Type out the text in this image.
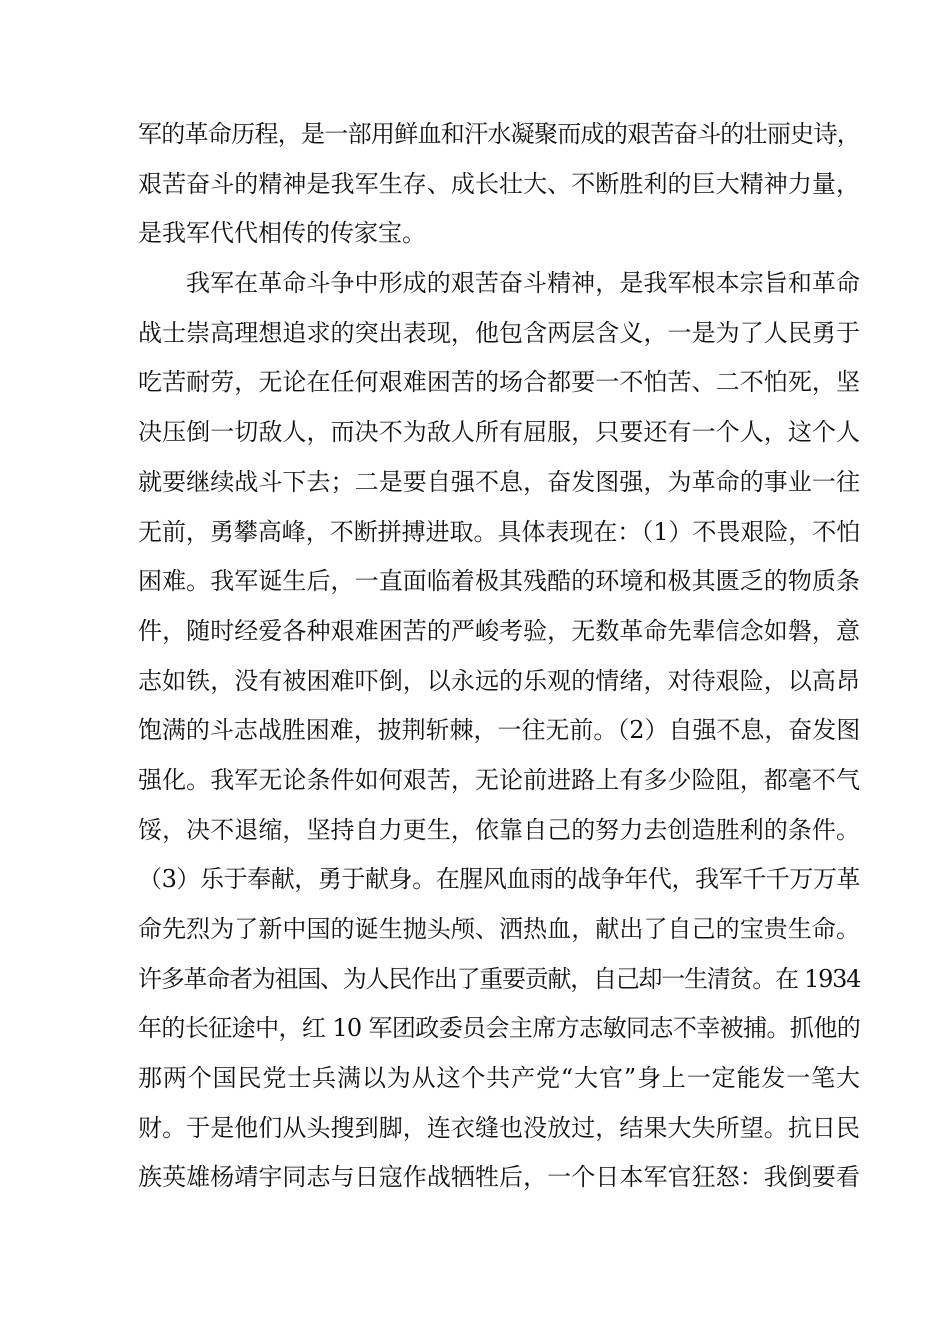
军的革命历程，是一部用鲜血和汗水凝聚而成的艰苦奋斗的壮丽史诗，
艰苦奋斗的精神是我军生存、成长壮大、不断胜利的巨大精神力量，
是我军代代相传的传家宝。
我军在革命斗争中形成的艰苦奋斗精神，是我军根本宗旨和革命
战士崇高理想追求的突出表现，他包含两层含义，一是为了人民勇于
吃苦耐劳，无论在任何艰难困苦的场合都要一不怕苦、二不怕死，坚
决压倒一切敌人，而决不为敌人所有屈服，只要还有一个人，这个人
就要继续战斗下去；二是要自强不息，奋发图强，为革命的事业一往
无前，勇攀高峰，不断拼搏进取。具体表现在：（1）不畏艰险，不怕
困难。我军诞生后，一直面临着极其残酷的环境和极其匮乏的物质条
件，随时经爱各种艰难困苦的严峻考验，无数革命先辈信念如磐，意
志如铁，没有被困难吓倒，以永远的乐观的情绪，对待艰险，以高昂
饱满的斗志战胜困难，披荆斩棘，一往无前。（2）自强不息，奋发图
强化。我军无论条件如何艰苦，无论前进路上有多少险阻，都毫不气
馁，决不退缩，坚持自力更生，依靠自己的努力去创造胜利的条件。
（3）乐于奉献，勇于献身。在腥风血雨的战争年代，我军千千万万革
命先烈为了新中国的诞生抛头颅、洒热血，献出了自己的宝贵生命。
许多革命者为祖国、为人民作出了重要贡献，自己却一生清贫。在 1934
年的长征途中，红 10 军团政委员会主席方志敏同志不幸被捕。抓他的
那两个国民党士兵满以为从这个共产党“大官”身上一定能发一笔大
财。于是他们从头搜到脚，连衣缝也没放过，结果大失所望。抗日民
族英雄杨靖宇同志与日寇作战牺牲后，一个日本军官狂怒：我倒要看
